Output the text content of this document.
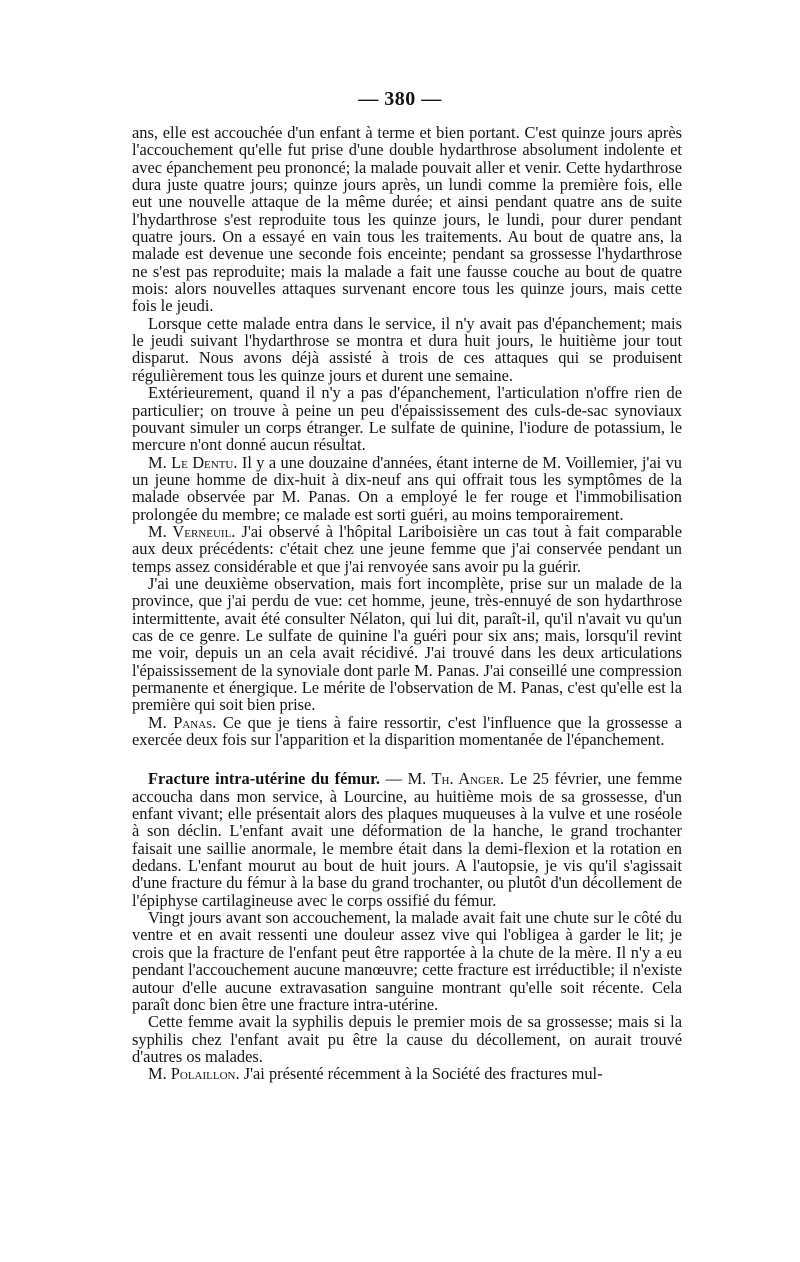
— 380 —

ans, elle est accouchée d'un enfant à terme et bien portant. C'est quinze jours après l'accouchement qu'elle fut prise d'une double hydarthrose absolument indolente et avec épanchement peu prononcé; la malade pouvait aller et venir. Cette hydarthrose dura juste quatre jours; quinze jours après, un lundi comme la première fois, elle eut une nouvelle attaque de la même durée; et ainsi pendant quatre ans de suite l'hydarthrose s'est reproduite tous les quinze jours, le lundi, pour durer pendant quatre jours. On a essayé en vain tous les traitements. Au bout de quatre ans, la malade est devenue une seconde fois enceinte; pendant sa grossesse l'hydarthrose ne s'est pas reproduite; mais la malade a fait une fausse couche au bout de quatre mois: alors nouvelles attaques survenant encore tous les quinze jours, mais cette fois le jeudi.

Lorsque cette malade entra dans le service, il n'y avait pas d'épanchement; mais le jeudi suivant l'hydarthrose se montra et dura huit jours, le huitième jour tout disparut. Nous avons déjà assisté à trois de ces attaques qui se produisent régulièrement tous les quinze jours et durent une semaine.

Extérieurement, quand il n'y a pas d'épanchement, l'articulation n'offre rien de particulier; on trouve à peine un peu d'épaississement des culs-de-sac synoviaux pouvant simuler un corps étranger. Le sulfate de quinine, l'iodure de potassium, le mercure n'ont donné aucun résultat.

M. Le Dentu. Il y a une douzaine d'années, étant interne de M. Voillemier, j'ai vu un jeune homme de dix-huit à dix-neuf ans qui offrait tous les symptômes de la malade observée par M. Panas. On a employé le fer rouge et l'immobilisation prolongée du membre; ce malade est sorti guéri, au moins temporairement.

M. Verneuil. J'ai observé à l'hôpital Lariboisière un cas tout à fait comparable aux deux précédents: c'était chez une jeune femme que j'ai conservée pendant un temps assez considérable et que j'ai renvoyée sans avoir pu la guérir.

J'ai une deuxième observation, mais fort incomplète, prise sur un malade de la province, que j'ai perdu de vue: cet homme, jeune, très-ennuyé de son hydarthrose intermittente, avait été consulter Nélaton, qui lui dit, paraît-il, qu'il n'avait vu qu'un cas de ce genre. Le sulfate de quinine l'a guéri pour six ans; mais, lorsqu'il revint me voir, depuis un an cela avait récidivé. J'ai trouvé dans les deux articulations l'épaississement de la synoviale dont parle M. Panas. J'ai conseillé une compression permanente et énergique. Le mérite de l'observation de M. Panas, c'est qu'elle est la première qui soit bien prise.

M. Panas. Ce que je tiens à faire ressortir, c'est l'influence que la grossesse a exercée deux fois sur l'apparition et la disparition momentanée de l'épanchement.

Fracture intra-utérine du fémur. — M. Th. Anger. Le 25 février, une femme accoucha dans mon service, à Lourcine, au huitième mois de sa grossesse, d'un enfant vivant; elle présentait alors des plaques muqueuses à la vulve et une roséole à son déclin. L'enfant avait une déformation de la hanche, le grand trochanter faisait une saillie anormale, le membre était dans la demi-flexion et la rotation en dedans. L'enfant mourut au bout de huit jours. A l'autopsie, je vis qu'il s'agissait d'une fracture du fémur à la base du grand trochanter, ou plutôt d'un décollement de l'épiphyse cartilagineuse avec le corps ossifié du fémur.

Vingt jours avant son accouchement, la malade avait fait une chute sur le côté du ventre et en avait ressenti une douleur assez vive qui l'obligea à garder le lit; je crois que la fracture de l'enfant peut être rapportée à la chute de la mère. Il n'y a eu pendant l'accouchement aucune manœuvre; cette fracture est irréductible; il n'existe autour d'elle aucune extravasation sanguine montrant qu'elle soit récente. Cela paraît donc bien être une fracture intra-utérine.

Cette femme avait la syphilis depuis le premier mois de sa grossesse; mais si la syphilis chez l'enfant avait pu être la cause du décollement, on aurait trouvé d'autres os malades.

M. Polaillon. J'ai présenté récemment à la Société des fractures mul-
